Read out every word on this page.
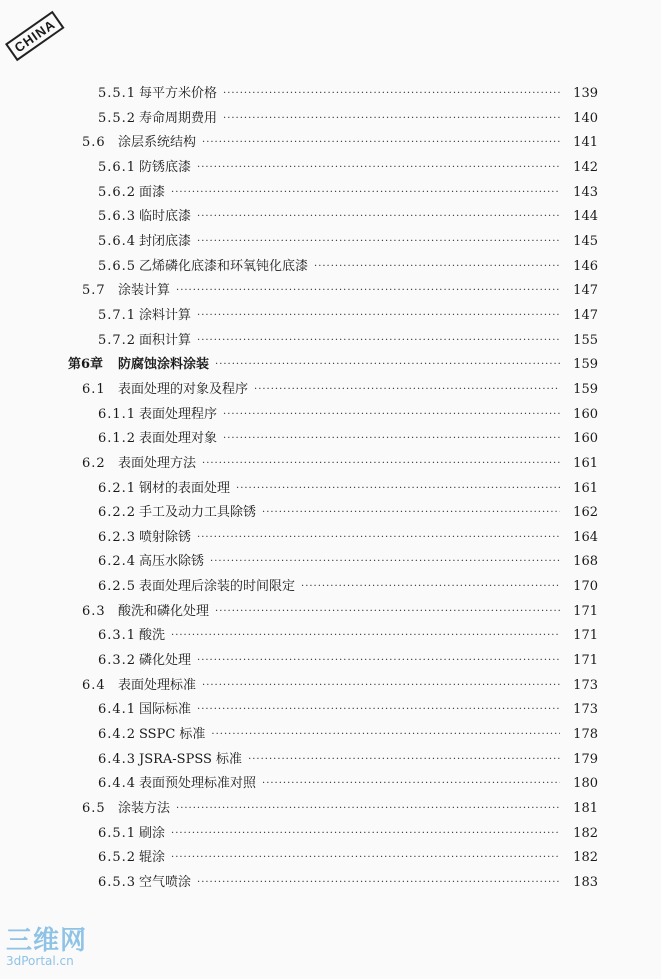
CHINA
5.5.1 每平方米价格 ·····	139
5.5.2 寿命周期费用 ·····	140
5.6 涂层系统结构 ·····	141
5.6.1 防锈底漆 ·····	142
5.6.2 面漆 ·····	143
5.6.3 临时底漆 ·····	144
5.6.4 封闭底漆 ·····	145
5.6.5 乙烯磷化底漆和环氧钝化底漆 ·····	146
5.7 涂装计算 ·····	147
5.7.1 涂料计算 ·····	147
5.7.2 面积计算 ·····	155
第6章	防腐蚀涂料涂装 ·····	159
6.1 表面处理的对象及程序 ·····	159
6.1.1 表面处理程序 ·····	160
6.1.2 表面处理对象 ·····	160
6.2 表面处理方法 ·····	161
6.2.1 钢材的表面处理 ·····	161
6.2.2 手工及动力工具除锈 ·····	162
6.2.3 喷射除锈 ·····	164
6.2.4 高压水除锈 ·····	168
6.2.5 表面处理后涂装的时间限定 ·····	170
6.3 酸洗和磷化处理 ·····	171
6.3.1 酸洗 ·····	171
6.3.2 磷化处理 ·····	171
6.4 表面处理标准 ·····	173
6.4.1 国际标准 ·····	173
6.4.2 SSPC 标准 ·····	178
6.4.3 JSRA-SPSS 标准 ·····	179
6.4.4 表面预处理标准对照 ·····	180
6.5 涂装方法 ·····	181
6.5.1 刷涂 ·····	182
6.5.2 辊涂 ·····	182
6.5.3 空气喷涂 ·····	183
三维网
3dPortal.cn
